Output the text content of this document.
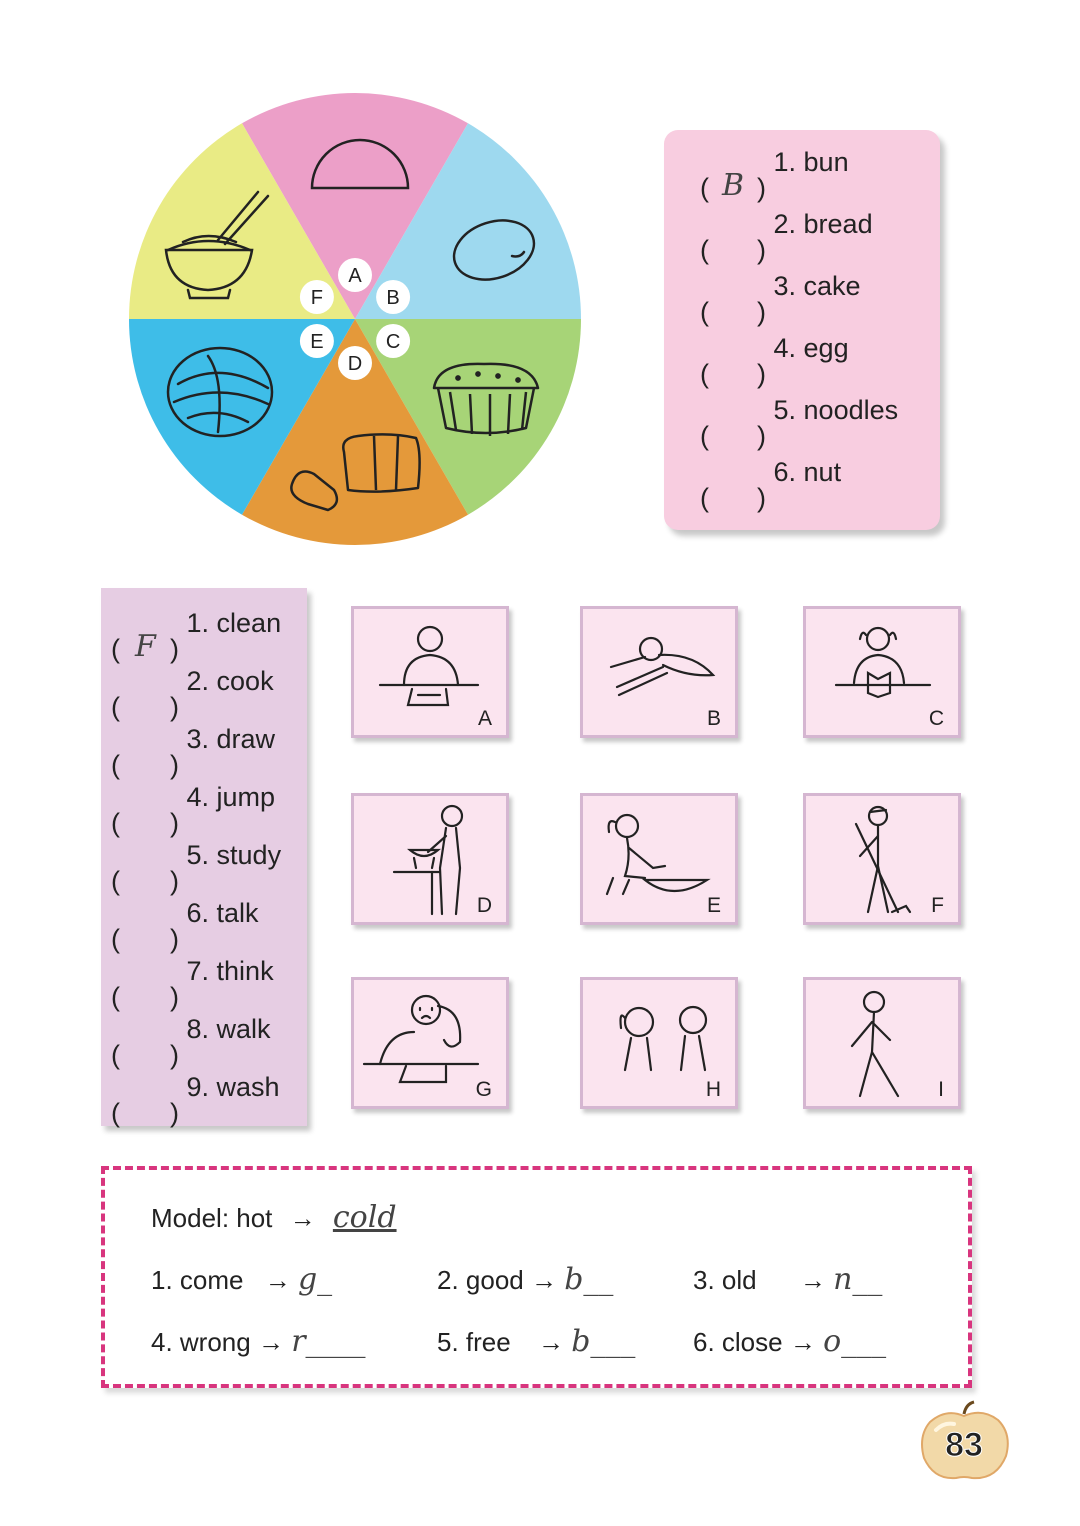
A
B
C
D
E
F
( B )
1. bun
( )
2. bread
( )
3. cake
( )
4. egg
( )
5. noodles
( )
6. nut
( F )
1. clean
( )
2. cook
( )
3. draw
( )
4. jump
( )
5. study
( )
6. talk
( )
7. think
( )
8. walk
( )
9. wash
A	B	C
D	E	F
G	H	I
Model: hot → cold
1. come → g_	2. good → b__	3. old → n__
4. wrong → r____	5. free → b___ 6. close → o___
83
